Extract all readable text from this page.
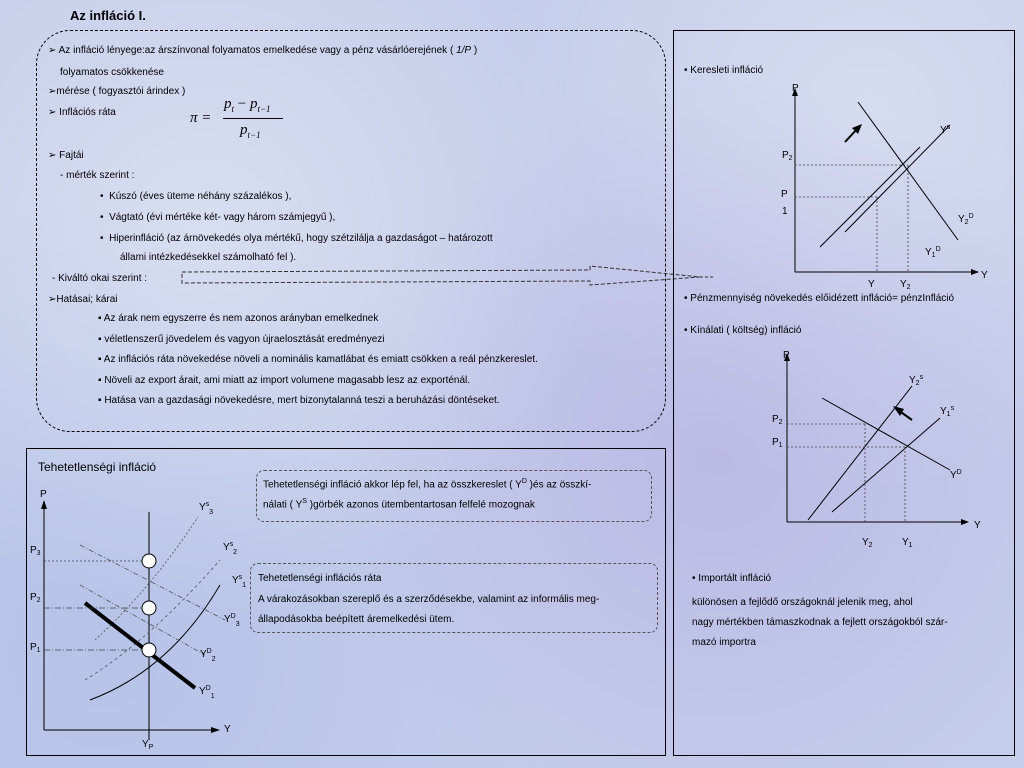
Az infláció I.
➢ Az infláció lényege:az árszínvonal folyamatos emelkedése vagy a pénz vásárlóerejének ( 1/P )
folyamatos csökkenése
➢mérése ( fogyasztói árindex )
➢ Inflációs ráta	π =
$p_t - p_{t-1}$
$p_{t-1}$
➢ Fajtái
- mérték szerint :
• Kúszó (éves üteme néhány százalékos ),
• Vágtató (évi mértéke két- vagy három számjegyű ),
• Hiperinfláció (az árnövekedés olya mértékű, hogy szétzilálja a gazdaságot – határozott
állami intézkedésekkel számolható fel ).
- Kiváltó okai szerint :
➢Hatásai; kárai
▪ Az árak nem egyszerre és nem azonos arányban emelkednek
▪ véletlenszerű jövedelem és vagyon újraelosztását eredményezi
▪ Az inflációs ráta növekedése növeli a nominális kamatlábat és emiatt csökken a reál pénzkereslet.
▪ Növeli az export árait, ami miatt az import volumene magasabb lesz az exporténál.
▪ Hatása van a gazdasági növekedésre, mert bizonytalanná teszi a beruházási döntéseket.
• Keresleti infláció
P
Y
$P_2$
P
1
$Y^s$
$Y_2^D$
$Y_1^D$
Y	$Y_2$
• Pénzmennyiség növekedés előidézett infláció= pénzInfláció
• Kínálati ( költség) infláció
P
Y
$P_2$
$P_1$
$Y_2^s$
$Y_1^s$
$Y^D$
$Y_2$	$Y_1$
• Importált infláció
különösen a fejlődő országoknál jelenik meg, ahol
nagy mértékben támaszkodnak a fejlett országokból szár-
mazó importra
Tehetetlenségi infláció
Tehetetlenségi infláció akkor lép fel, ha az összkereslet ( $Y^D$ )és az összkí-
nálati ( $Y^S$ )görbék azonos ütembentartosan felfelé mozognak
Tehetetlenségi inflációs ráta
A várakozásokban szereplő és a szerződésekbe, valamint az informális meg-
állapodásokba beépített áremelkedési ütem.
P
Y
$Y_P$
$P_3$
$P_2$
$P_1$
$Y^s_3$
$Y^s_2$
$Y^s_1$
$Y^D_3$
$Y^D_2$
$Y^D_1$
